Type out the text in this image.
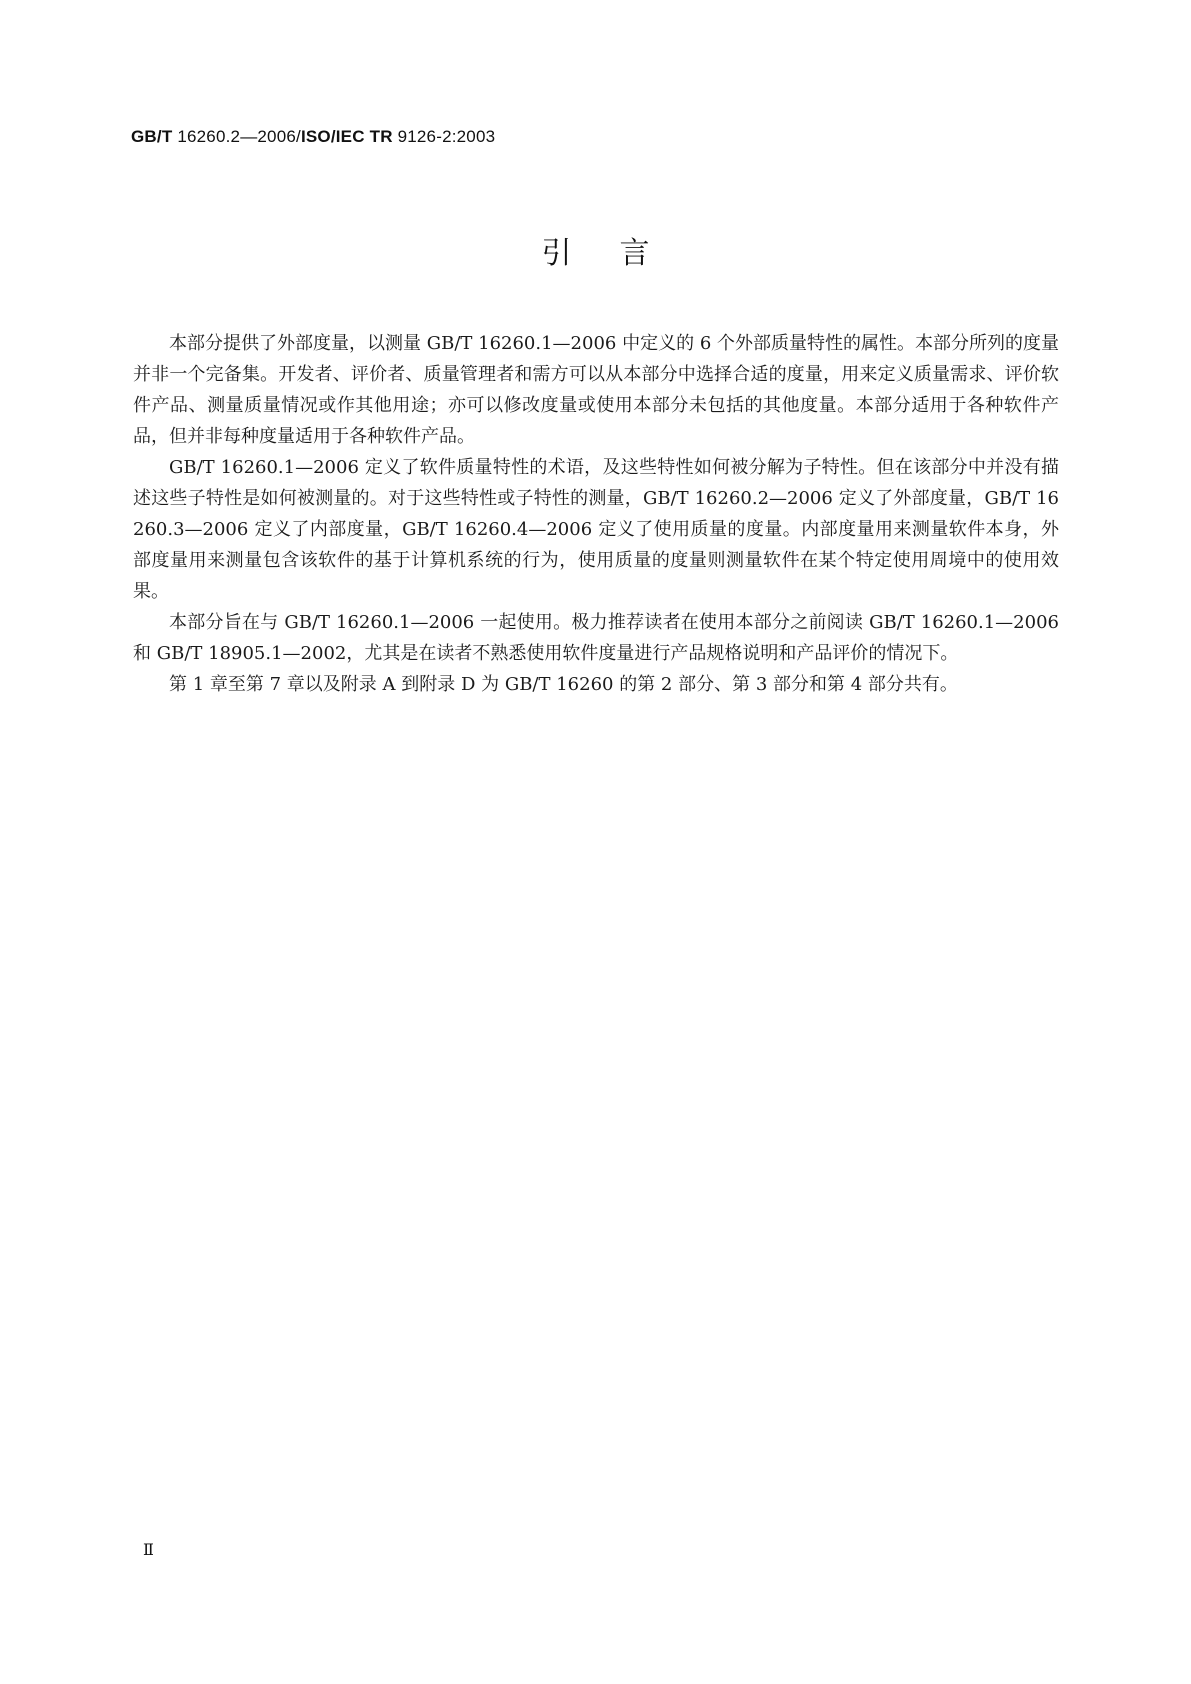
GB/T 16260.2—2006/ISO/IEC TR 9126-2:2003
引言

本部分提供了外部度量，以测量 GB/T 16260.1—2006 中定义的 6 个外部质量特性的属性。本部分所列的度量并非一个完备集。开发者、评价者、质量管理者和需方可以从本部分中选择合适的度量，用来定义质量需求、评价软件产品、测量质量情况或作其他用途；亦可以修改度量或使用本部分未包括的其他度量。本部分适用于各种软件产品，但并非每种度量适用于各种软件产品。

GB/T 16260.1—2006 定义了软件质量特性的术语，及这些特性如何被分解为子特性。但在该部分中并没有描述这些子特性是如何被测量的。对于这些特性或子特性的测量，GB/T 16260.2—2006 定义了外部度量，GB/T 16260.3—2006 定义了内部度量，GB/T 16260.4—2006 定义了使用质量的度量。内部度量用来测量软件本身，外部度量用来测量包含该软件的基于计算机系统的行为，使用质量的度量则测量软件在某个特定使用周境中的使用效果。

本部分旨在与 GB/T 16260.1—2006 一起使用。极力推荐读者在使用本部分之前阅读 GB/T 16260.1—2006和 GB/T 18905.1—2002，尤其是在读者不熟悉使用软件度量进行产品规格说明和产品评价的情况下。

第 1 章至第 7 章以及附录 A 到附录 D 为 GB/T 16260 的第 2 部分、第 3 部分和第 4 部分共有。

Ⅱ
